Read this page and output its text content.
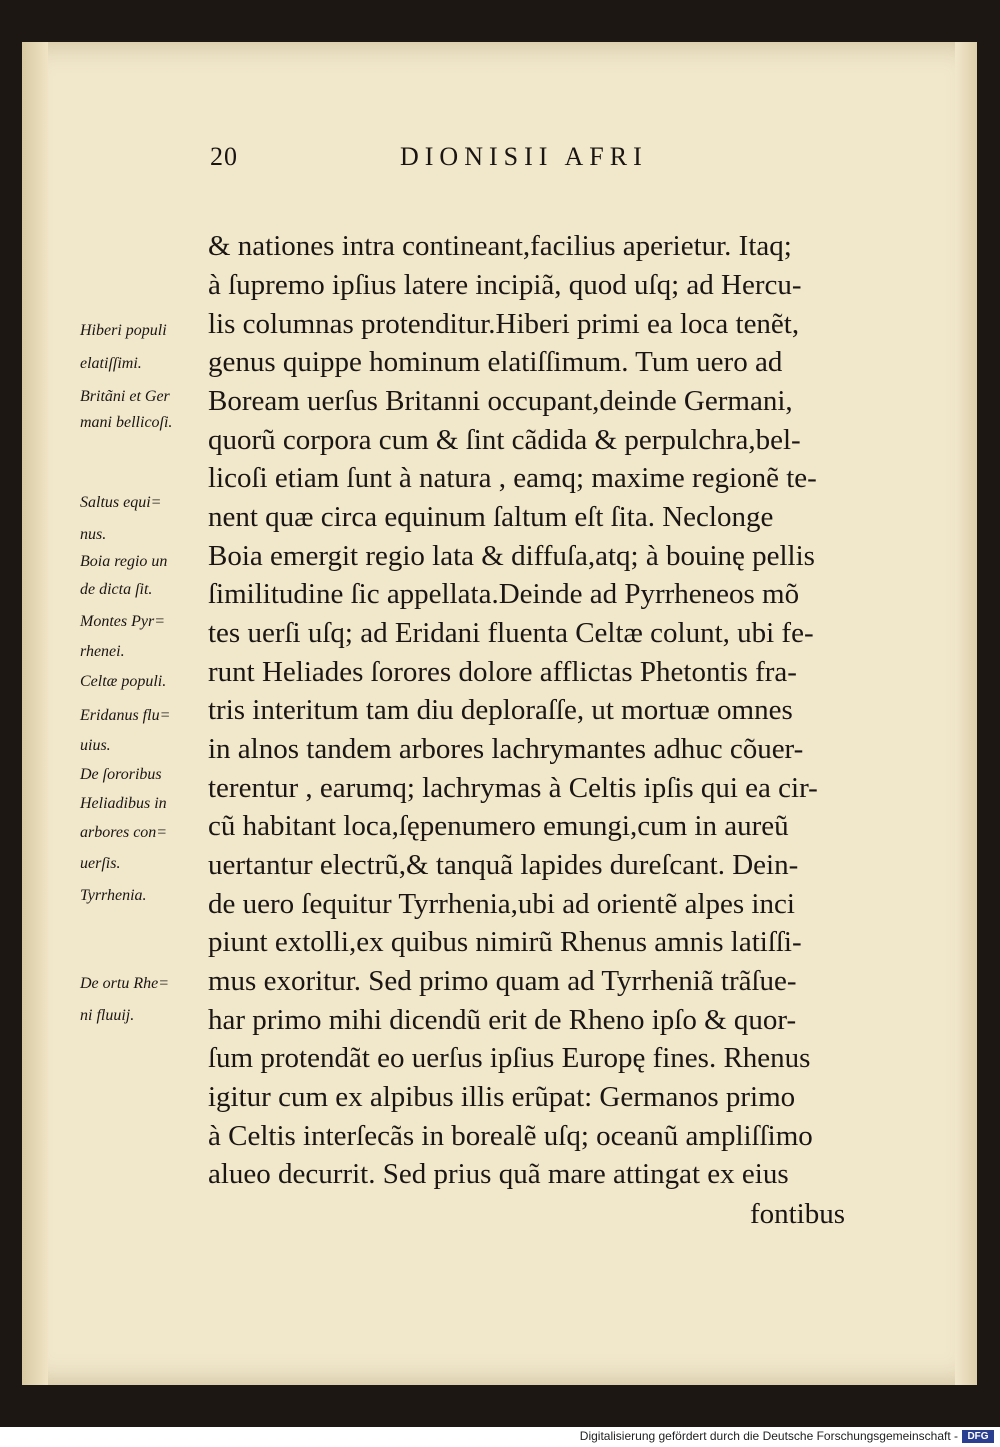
20	DIONISII AFRI
& nationes intra contineant,facilius aperietur. Itaq;
à ſupremo ipſius latere incipiã, quod uſq; ad Hercu-
lis columnas protenditur.Hiberi primi ea loca tenẽt,
genus quippe hominum elatiſſimum. Tum uero ad
Boream uerſus Britanni occupant,deinde Germani,
quorũ corpora cum & ſint cãdida & perpulchra,bel-
licoſi etiam ſunt à natura , eamq; maxime regionẽ te-
nent quæ circa equinum ſaltum eſt ſita. Neclonge
Boia emergit regio lata & diffuſa,atq; à bouinę pellis
ſimilitudine ſic appellata.Deinde ad Pyrrheneos mõ
tes uerſi uſq; ad Eridani fluenta Celtæ colunt, ubi fe-
runt Heliades ſorores dolore afflictas Phetontis fra-
tris interitum tam diu deploraſſe, ut mortuæ omnes
in alnos tandem arbores lachrymantes adhuc cõuer-
terentur , earumq; lachrymas à Celtis ipſis qui ea cir-
cũ habitant loca,ſępenumero emungi,cum in aureũ
uertantur electrũ,& tanquã lapides dureſcant. Dein-
de uero ſequitur Tyrrhenia,ubi ad orientẽ alpes inci
piunt extolli,ex quibus nimirũ Rhenus amnis latiſſi-
mus exoritur. Sed primo quam ad Tyrrheniã trãſue-
har primo mihi dicendũ erit de Rheno ipſo & quor-
ſum protendãt eo uerſus ipſius Europę fines. Rhenus
igitur cum ex alpibus illis erũpat: Germanos primo
à Celtis interſecãs in borealẽ uſq; oceanũ ampliſſimo
alueo decurrit. Sed prius quã mare attingat ex eius
fontibus
Hiberi populi
elatiſſimi.
Britãni et Ger
mani bellicoſi.
Saltus equi=
nus.
Boia regio un
de dicta ſit.
Montes Pyr=
rhenei.
Celtæ populi.
Eridanus flu=
uius.
De ſororibus
Heliadibus in
arbores con=
uerſis.
Tyrrhenia.
De ortu Rhe=
ni fluuij.
Digitalisierung gefördert durch die Deutsche Forschungsgemeinschaft - DFG
